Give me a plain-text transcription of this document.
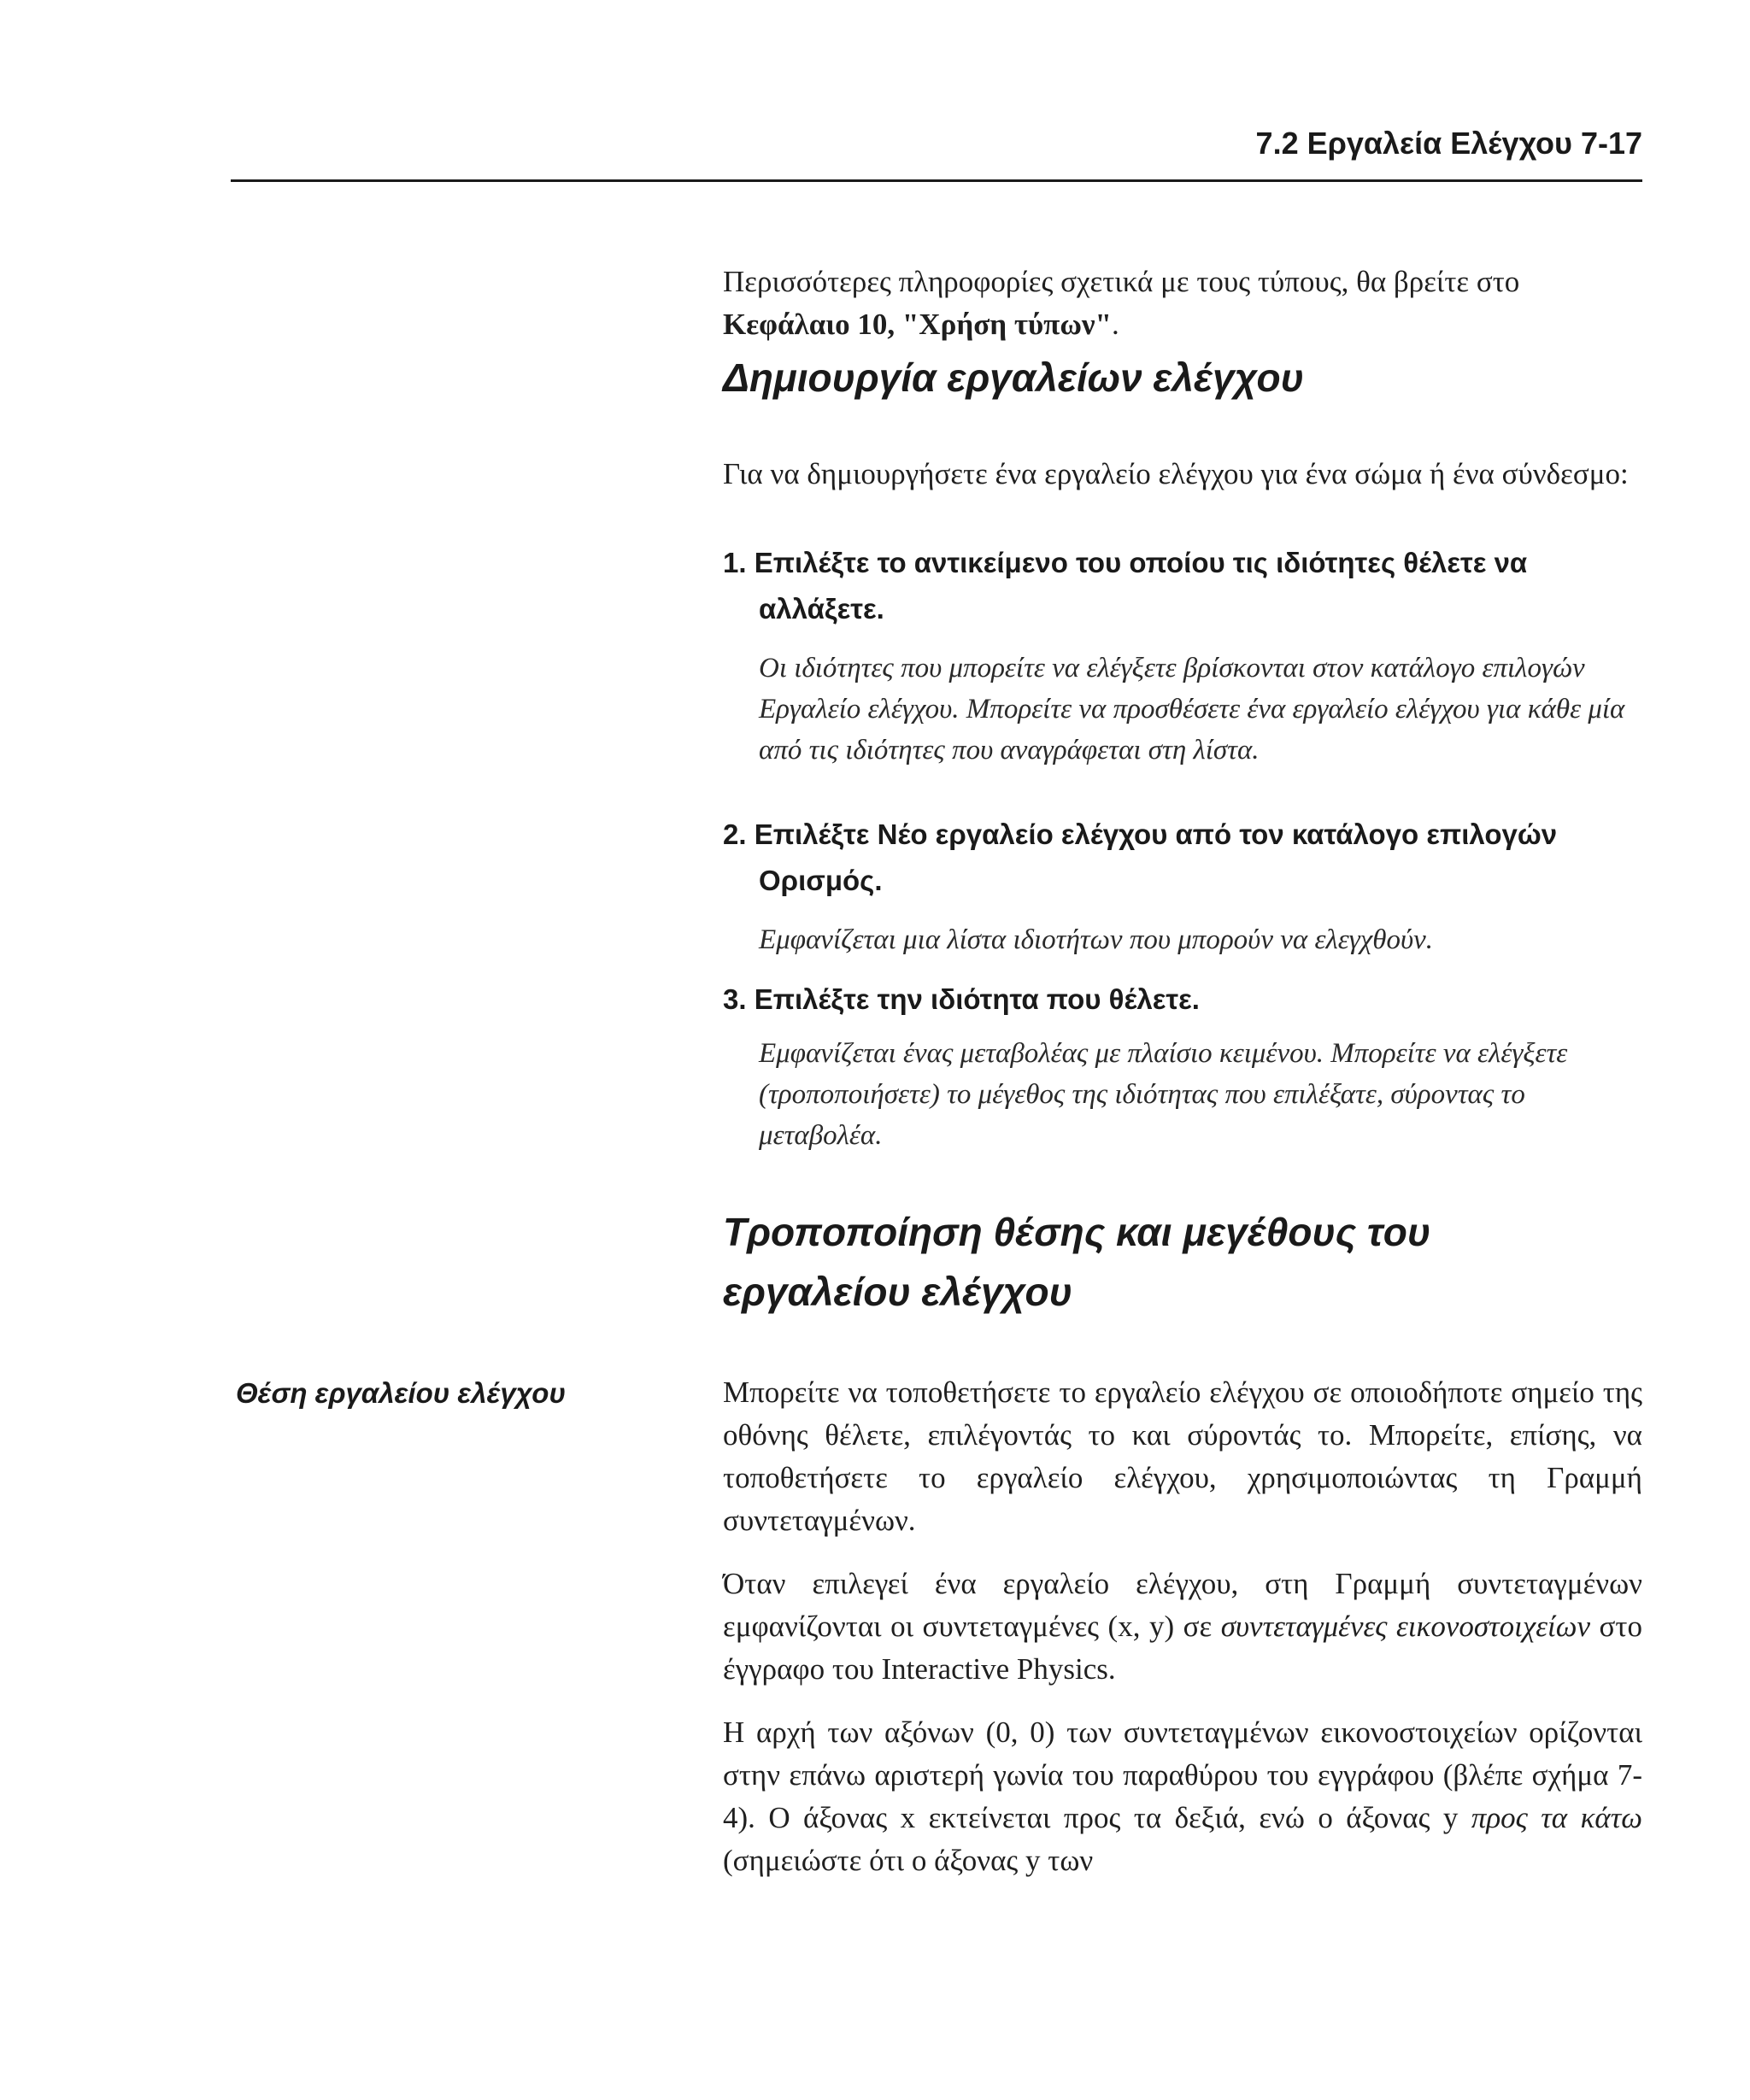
7.2 Εργαλεία Ελέγχου 7-17

Περισσότερες πληροφορίες σχετικά με τους τύπους, θα βρείτε στο
Κεφάλαιο 10, "Χρήση τύπων".

Δημιουργία εργαλείων ελέγχου

Για να δημιουργήσετε ένα εργαλείο ελέγχου για ένα σώμα ή ένα σύνδεσμο:

1. Επιλέξτε το αντικείμενο του οποίου τις ιδιότητες θέλετε να αλλάξετε.

Οι ιδιότητες που μπορείτε να ελέγξετε βρίσκονται στον κατάλογο επιλογών Εργαλείο ελέγχου. Μπορείτε να προσθέσετε ένα εργαλείο ελέγχου για κάθε μία από τις ιδιότητες που αναγράφεται στη λίστα.

2. Επιλέξτε Νέο εργαλείο ελέγχου από τον κατάλογο επιλογών Ορισμός.

Εμφανίζεται μια λίστα ιδιοτήτων που μπορούν να ελεγχθούν.

3. Επιλέξτε την ιδιότητα που θέλετε.

Εμφανίζεται ένας μεταβολέας με πλαίσιο κειμένου. Μπορείτε να ελέγξετε (τροποποιήσετε) το μέγεθος της ιδιότητας που επιλέξατε, σύροντας το μεταβολέα.

Τροποποίηση θέσης και μεγέθους του
εργαλείου ελέγχου
Θέση εργαλείου ελέγχου	Μπορείτε να τοποθετήσετε το εργαλείο ελέγχου σε οποιοδήποτε σημείο της οθόνης θέλετε, επιλέγοντάς το και σύροντάς το. Μπορείτε, επίσης, να τοποθετήσετε το εργαλείο ελέγχου, χρησιμοποιώντας τη Γραμμή συντεταγμένων.

Όταν επιλεγεί ένα εργαλείο ελέγχου, στη Γραμμή συντεταγμένων εμφανίζονται οι συντεταγμένες (x, y) σε συντεταγμένες εικονοστοιχείων στο έγγραφο του Interactive Physics.

Η αρχή των αξόνων (0, 0) των συντεταγμένων εικονοστοιχείων ορίζονται στην επάνω αριστερή γωνία του παραθύρου του εγγράφου (βλέπε σχήμα 7-4). Ο άξονας x εκτείνεται προς τα δεξιά, ενώ ο άξονας y προς τα κάτω (σημειώστε ότι ο άξονας y των
